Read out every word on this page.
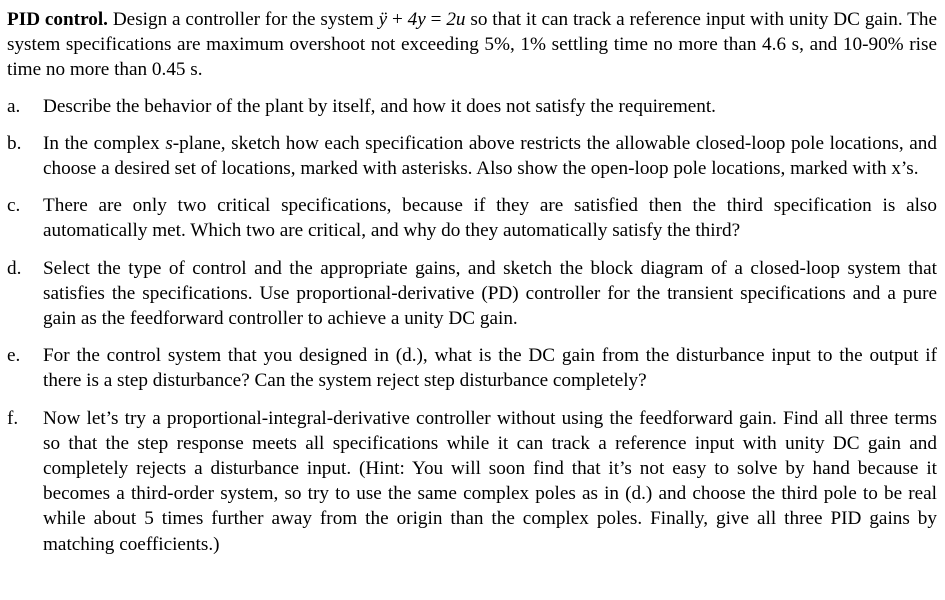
PID control. Design a controller for the system ÿ + 4y = 2u so that it can track a reference input with unity DC gain. The system specifications are maximum overshoot not exceeding 5%, 1% settling time no more than 4.6 s, and 10-90% rise time no more than 0.45 s.

a.	Describe the behavior of the plant by itself, and how it does not satisfy the requirement.
b.	In the complex s-plane, sketch how each specification above restricts the allowable closed-loop pole locations, and choose a desired set of locations, marked with asterisks. Also show the open-loop pole locations, marked with x’s.
c.	There are only two critical specifications, because if they are satisfied then the third specification is also automatically met. Which two are critical, and why do they automatically satisfy the third?
d.	Select the type of control and the appropriate gains, and sketch the block diagram of a closed-loop system that satisfies the specifications. Use proportional-derivative (PD) controller for the transient specifications and a pure gain as the feedforward controller to achieve a unity DC gain.
e.	For the control system that you designed in (d.), what is the DC gain from the disturbance input to the output if there is a step disturbance? Can the system reject step disturbance completely?
f.	Now let’s try a proportional-integral-derivative controller without using the feedforward gain. Find all three terms so that the step response meets all specifications while it can track a reference input with unity DC gain and completely rejects a disturbance input. (Hint: You will soon find that it’s not easy to solve by hand because it becomes a third-order system, so try to use the same complex poles as in (d.) and choose the third pole to be real while about 5 times further away from the origin than the complex poles. Finally, give all three PID gains by matching coefficients.)
